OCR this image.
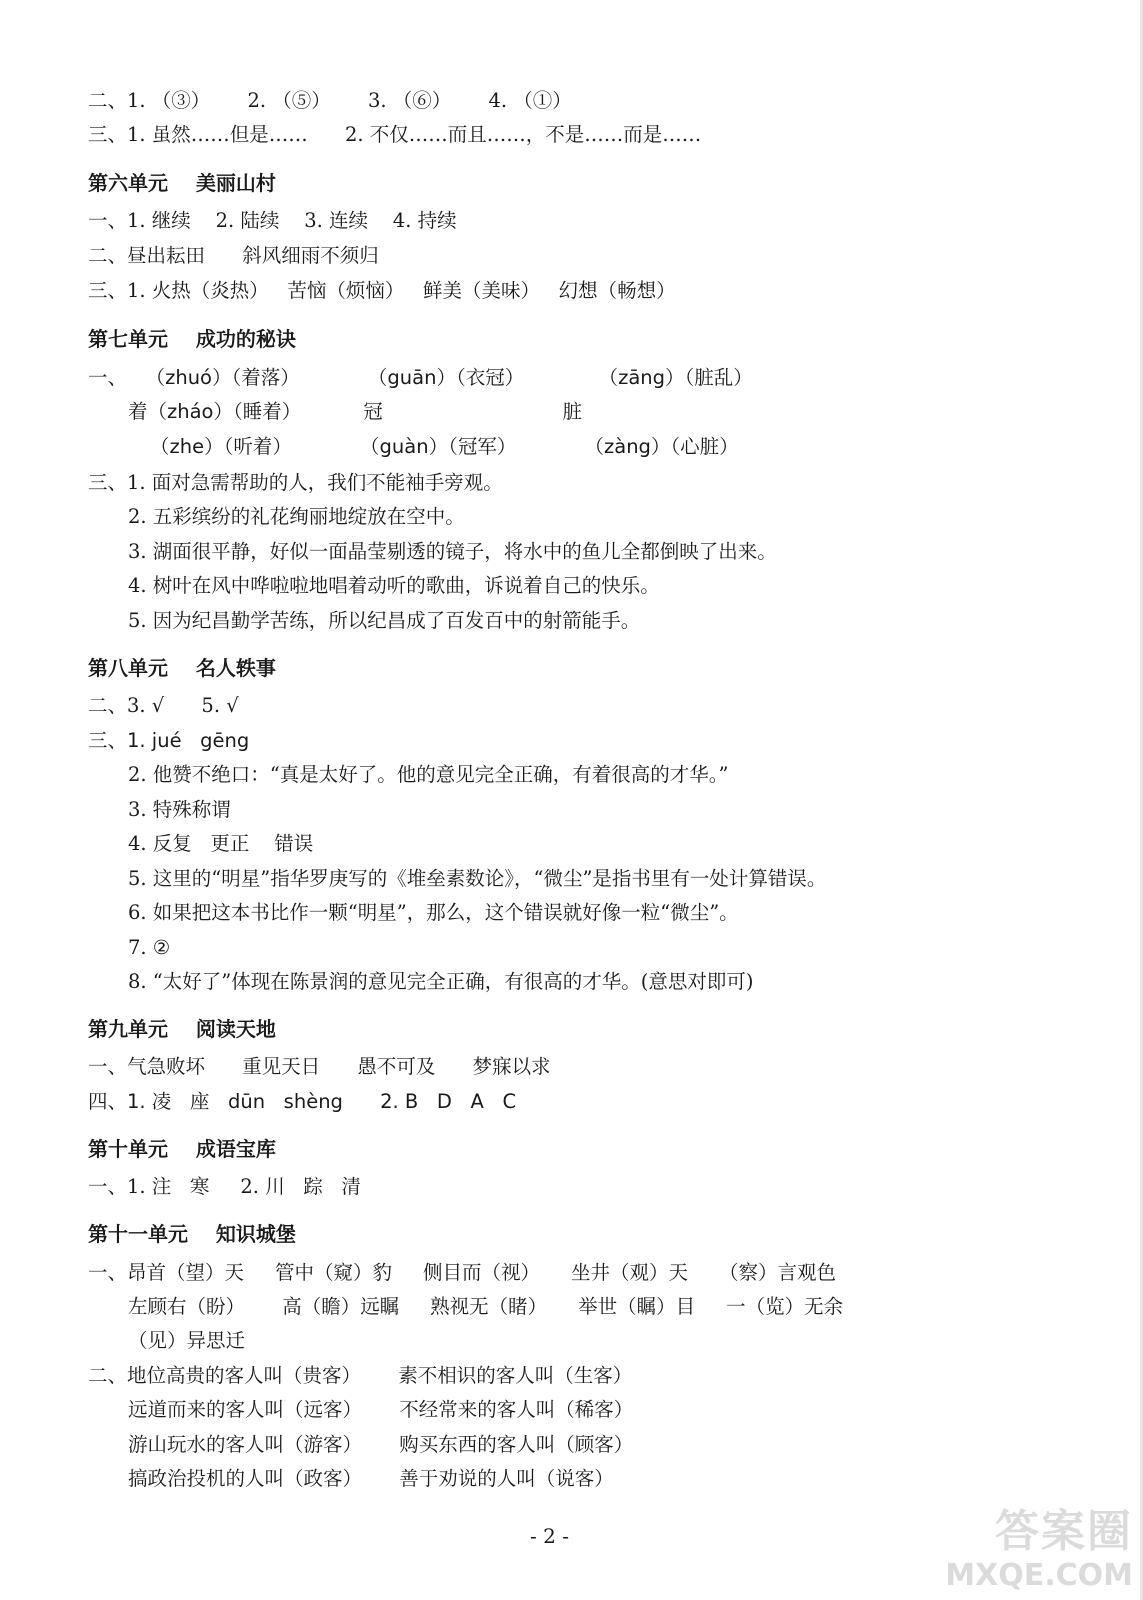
二、1. （③）      2. （⑤）      3. （⑥）      4. （①）
三、1. 虽然……但是……      2. 不仅……而且……，不是……而是……
第六单元    美丽山村
一、1. 继续    2. 陆续    3. 连续    4. 持续
二、昼出耘田      斜风细雨不须归
三、1. 火热（炎热）   苦恼（烦恼）   鲜美（美味）   幻想（畅想）
第七单元    成功的秘诀
一、   （zhuó）（着落）           （guān）（衣冠）            （zāng）（脏乱）
着（zháo）（睡着）          冠                             脏
（zhe）（听着）           （guàn）（冠军）           （zàng）（心脏）
三、1. 面对急需帮助的人，我们不能袖手旁观。
2. 五彩缤纷的礼花绚丽地绽放在空中。
3. 湖面很平静，好似一面晶莹剔透的镜子，将水中的鱼儿全都倒映了出来。
4. 树叶在风中哗啦啦地唱着动听的歌曲，诉说着自己的快乐。
5. 因为纪昌勤学苦练，所以纪昌成了百发百中的射箭能手。
第八单元    名人轶事
二、3. √      5. √
三、1. jué   gēng
2. 他赞不绝口：“真是太好了。他的意见完全正确，有着很高的才华。”
3. 特殊称谓
4. 反复   更正    错误
5. 这里的“明星”指华罗庚写的《堆垒素数论》，“微尘”是指书里有一处计算错误。
6. 如果把这本书比作一颗“明星”，那么，这个错误就好像一粒“微尘”。
7. ②
8. “太好了”体现在陈景润的意见完全正确，有很高的才华。(意思对即可)
第九单元    阅读天地
一、气急败坏      重见天日      愚不可及      梦寐以求
四、1. 凌   座   dūn   shèng      2. B   D   A   C
第十单元    成语宝库
一、1. 注   寒     2. 川   踪   清
第十一单元    知识城堡
一、昂首（望）天     管中（窥）豹     侧目而（视）     坐井（观）天     （察）言观色
左顾右（盼）      高（瞻）远瞩     熟视无（睹）     举世（瞩）目     一（览）无余
（见）异思迁
二、地位高贵的客人叫（贵客）      素不相识的客人叫（生客）
远道而来的客人叫（远客）      不经常来的客人叫（稀客）
游山玩水的客人叫（游客）      购买东西的客人叫（顾客）
搞政治投机的人叫（政客）      善于劝说的人叫（说客）
- 2 -	答案圈
MXQE.COM
